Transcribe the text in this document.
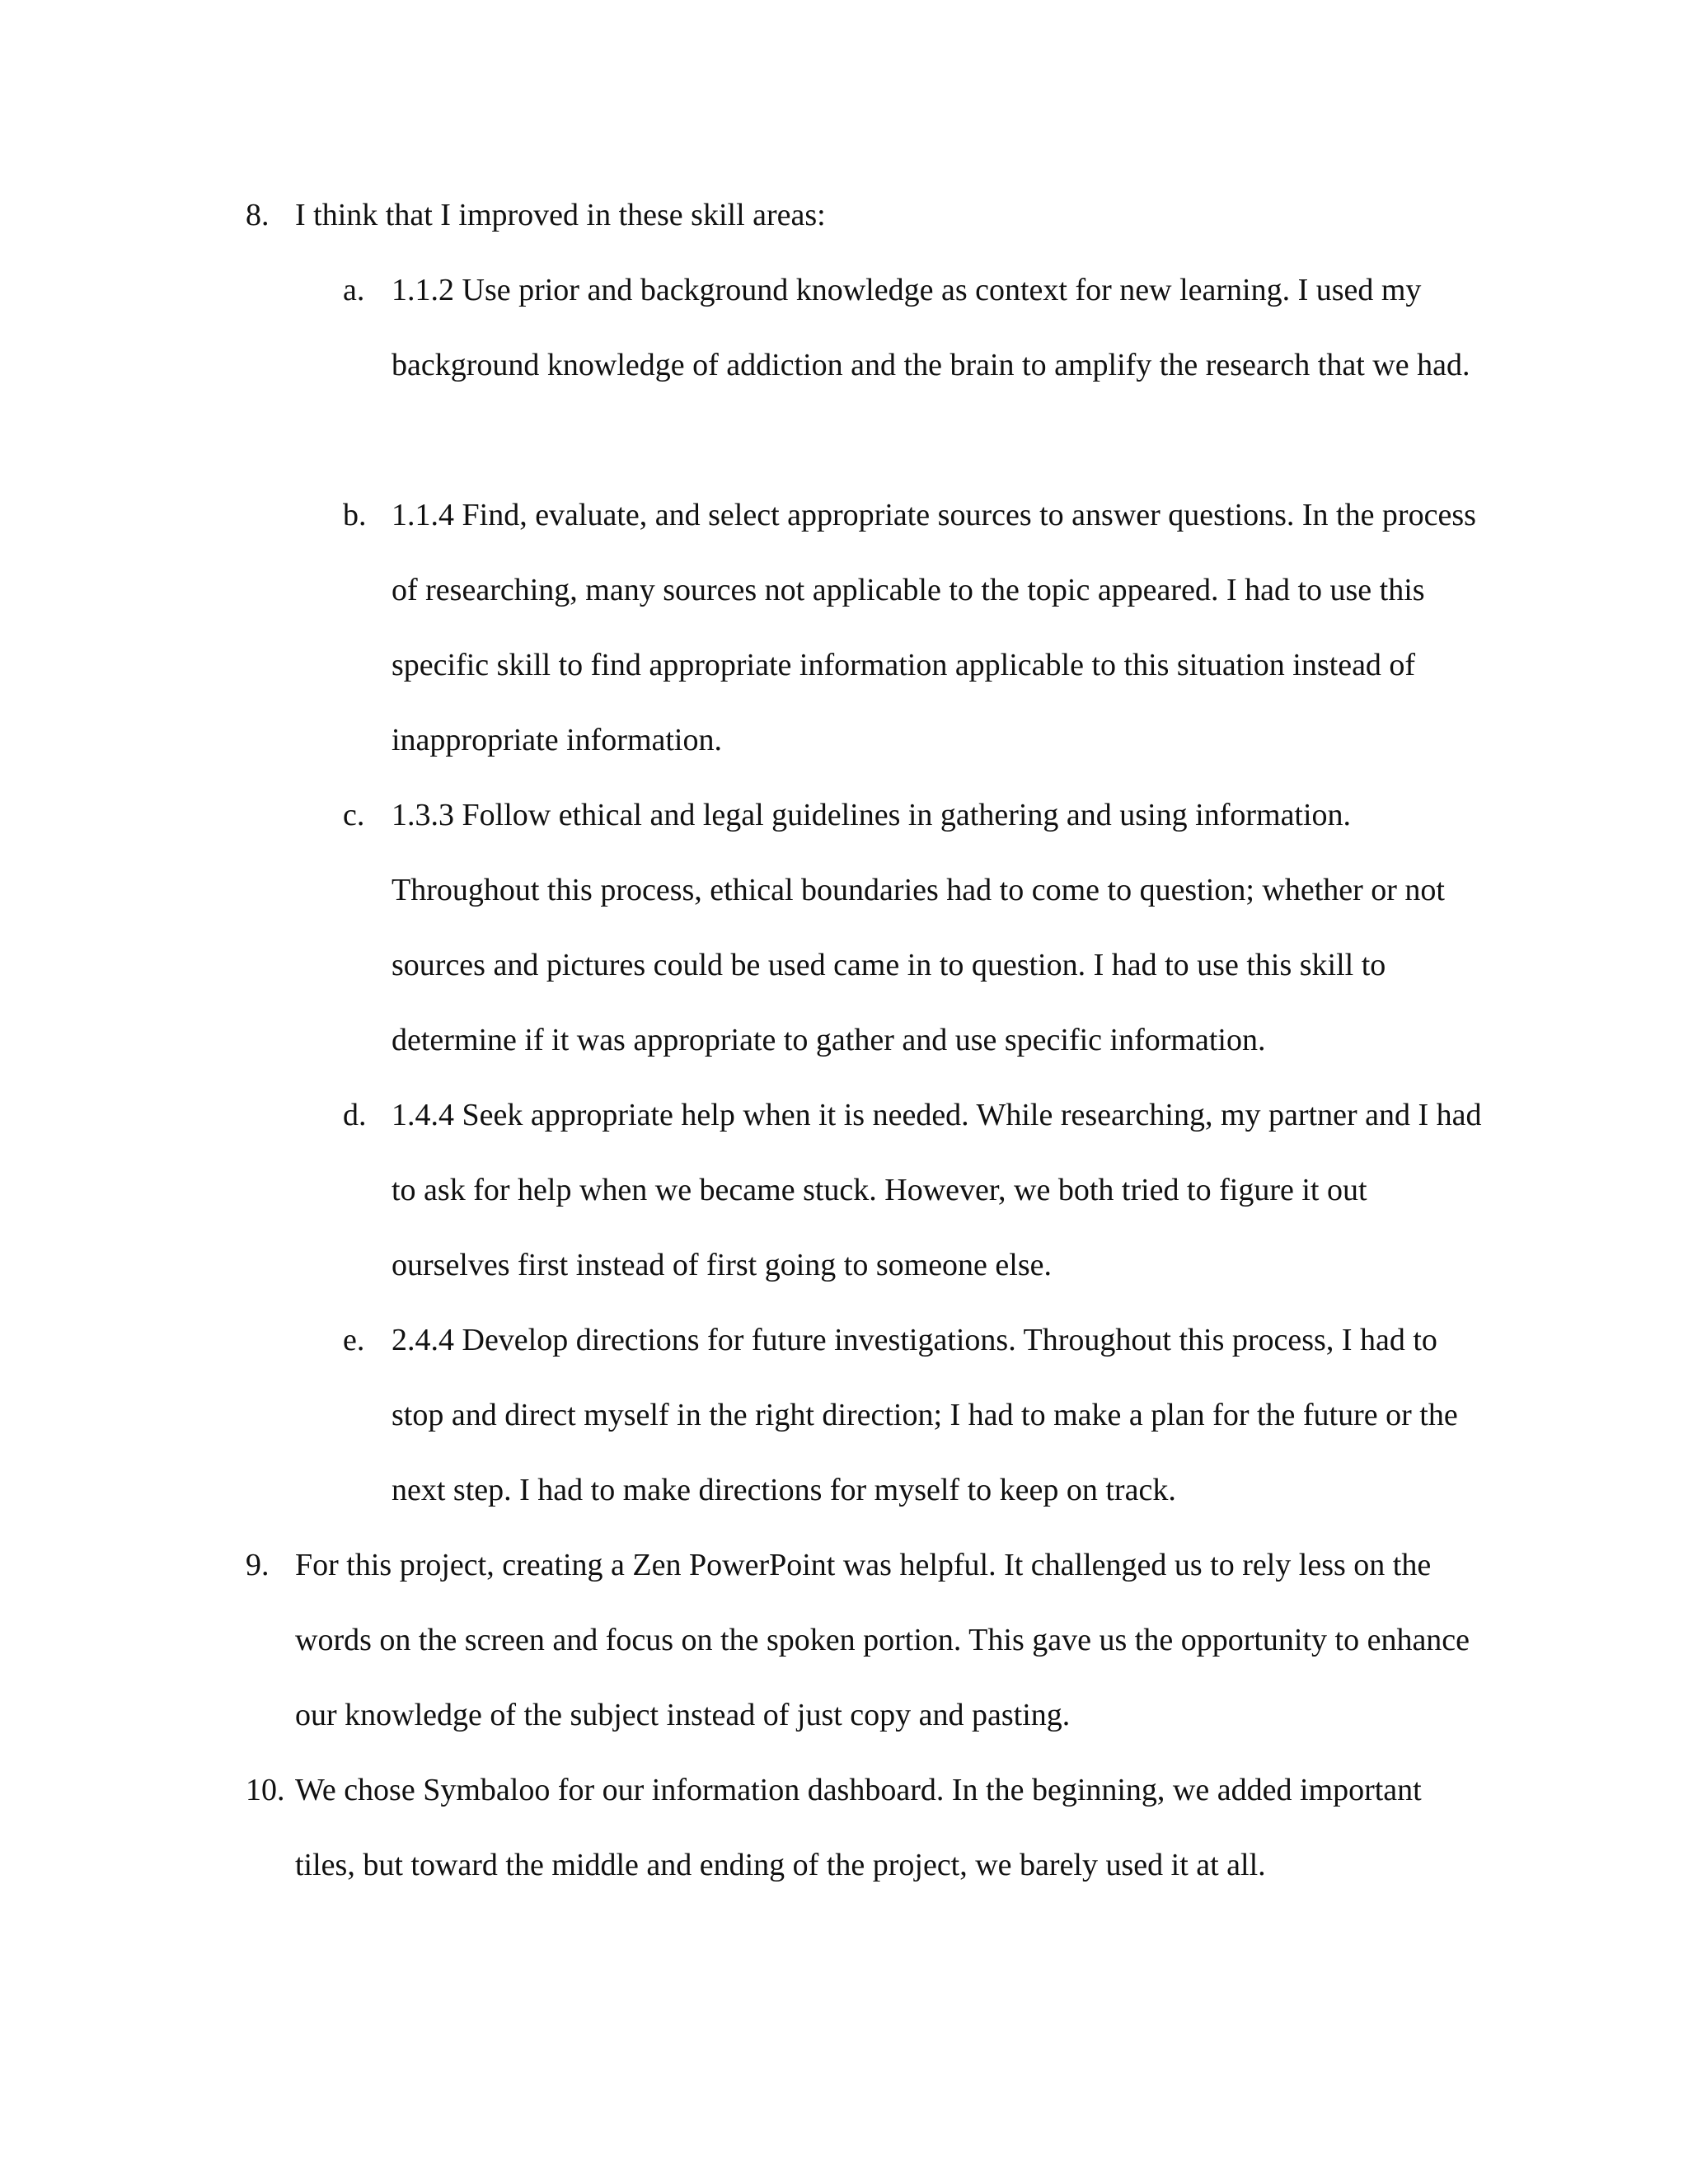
8. I think that I improved in these skill areas:
a. 1.1.2 Use prior and background knowledge as context for new learning. I used my background knowledge of addiction and the brain to amplify the research that we had.
b. 1.1.4 Find, evaluate, and select appropriate sources to answer questions. In the process of researching, many sources not applicable to the topic appeared. I had to use this specific skill to find appropriate information applicable to this situation instead of inappropriate information.
c. 1.3.3 Follow ethical and legal guidelines in gathering and using information. Throughout this process, ethical boundaries had to come to question; whether or not sources and pictures could be used came in to question. I had to use this skill to determine if it was appropriate to gather and use specific information.
d. 1.4.4 Seek appropriate help when it is needed. While researching, my partner and I had to ask for help when we became stuck. However, we both tried to figure it out ourselves first instead of first going to someone else.
e. 2.4.4 Develop directions for future investigations. Throughout this process, I had to stop and direct myself in the right direction; I had to make a plan for the future or the next step. I had to make directions for myself to keep on track.
9. For this project, creating a Zen PowerPoint was helpful. It challenged us to rely less on the words on the screen and focus on the spoken portion. This gave us the opportunity to enhance our knowledge of the subject instead of just copy and pasting.
10. We chose Symbaloo for our information dashboard. In the beginning, we added important tiles, but toward the middle and ending of the project, we barely used it at all.
